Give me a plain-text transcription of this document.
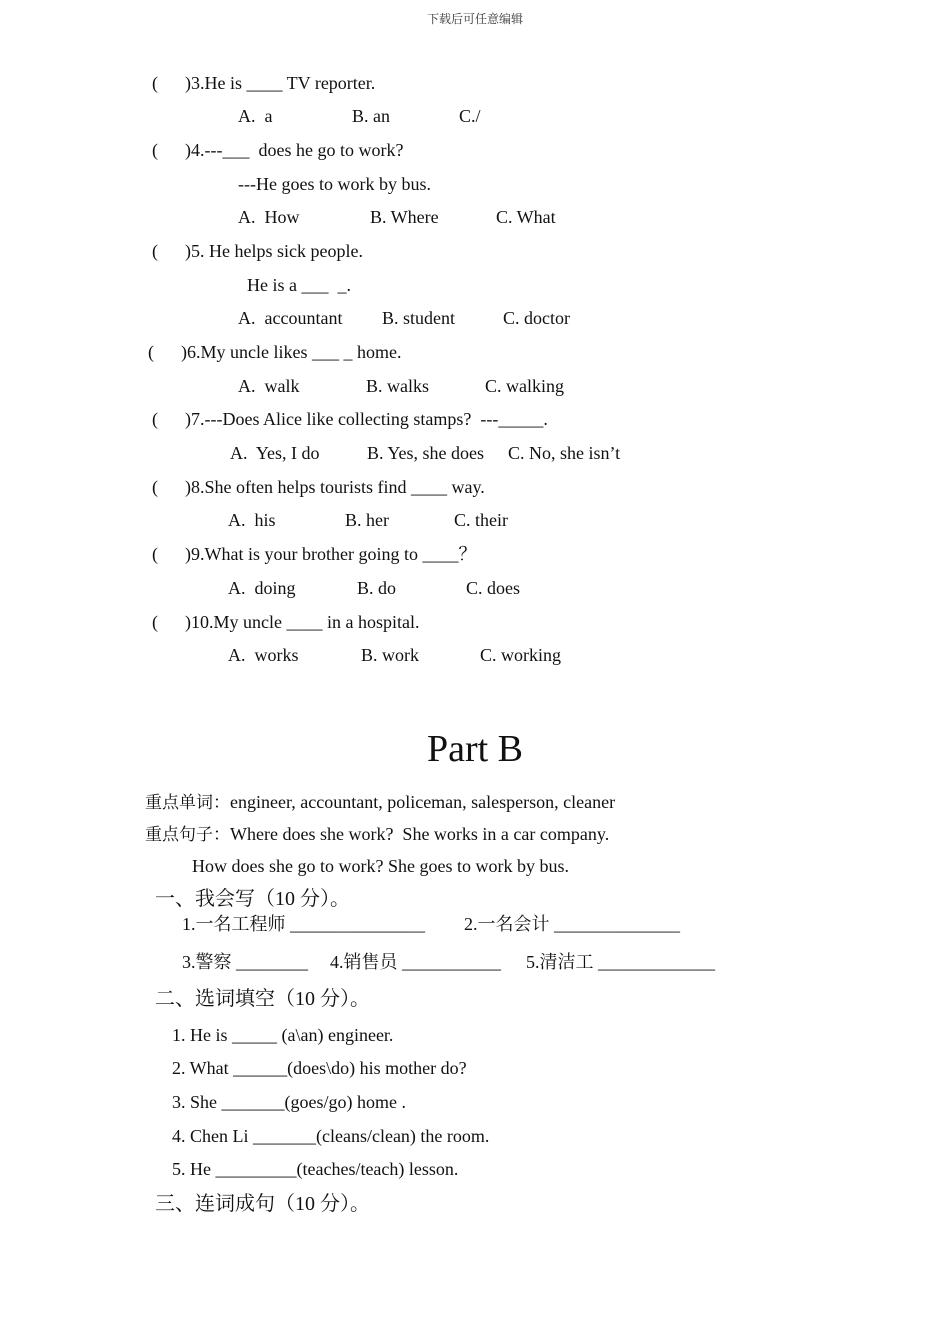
下载后可任意编辑
(      )3.He is ____ TV reporter.
A.  a	B. an	C./
(      )4.---___  does he go to work?
---He goes to work by bus.
A.  How	B. Where	C. What
(      )5. He helps sick people.
He is a ___  _.
A.  accountant B. student	C. doctor
(      )6.My uncle likes ___ _ home.
A.  walk	B. walks	C. walking
(      )7.---Does Alice like collecting stamps?  ---_____.
A.  Yes, I do	B. Yes, she does C. No, she isn’t
(      )8.She often helps tourists find ____ way.
A.  his	B. her	C. their
(      )9.What is your brother going to ____？
A.  doing	B. do	C. does
(      )10.My uncle ____ in a hospital.
A.  works	B. work	C. working
Part B
重点单词：engineer, accountant, policeman, salesperson, cleaner
重点句子：Where does she work?  She works in a car company.
How does she go to work? She goes to work by bus.
一、我会写（10 分）。
1.一名工程师 _______________ 2.一名会计 ______________
3.警察 ________ 4.销售员 ___________ 5.清洁工 _____________
二、选词填空（10 分）。
1. He is _____ (a\an) engineer.
2. What ______(does\do) his mother do?
3. She _______(goes/go) home .
4. Chen Li _______(cleans/clean) the room.
5. He _________(teaches/teach) lesson.
三、连词成句（10 分）。
